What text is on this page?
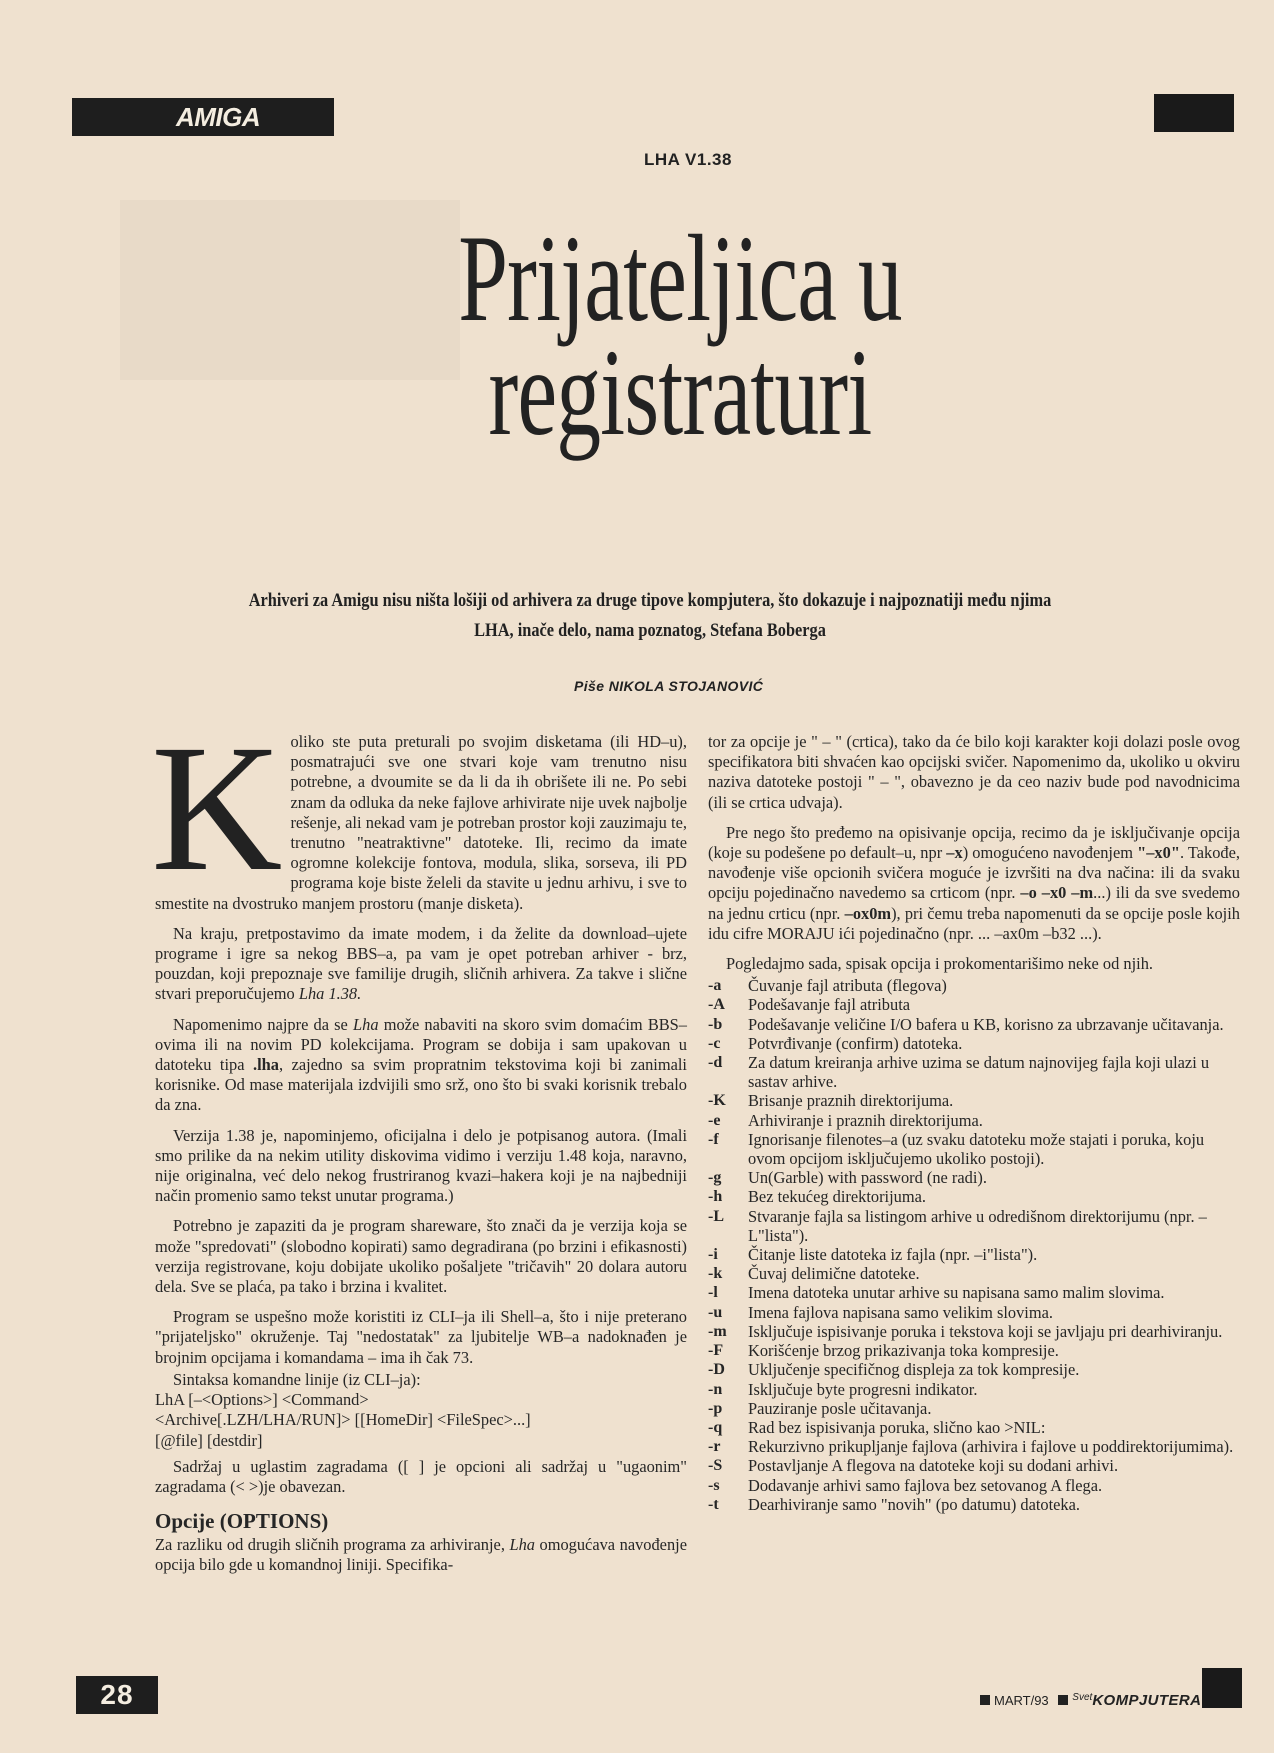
AMIGA
LHA V1.38
Prijateljica u
registraturi

Arhiveri za Amigu nisu ništa lošiji od arhivera za druge tipove kompjutera, što dokazuje i najpoznatiji među njima

LHA, inače delo, nama poznatog, Stefana Boberga

Piše NIKOLA STOJANOVIĆ

Koliko ste puta preturali po svojim disketama (ili HD–u), posmatrajući sve one stvari koje vam trenutno nisu potrebne, a dvoumite se da li da ih obrišete ili ne. Po sebi znam da odluka da neke fajlove arhivirate nije uvek najbolje rešenje, ali nekad vam je potreban prostor koji zauzimaju te, trenutno "neatraktivne" datoteke. Ili, recimo da imate ogromne kolekcije fontova, modula, slika, sorseva, ili PD programa koje biste želeli da stavite u jednu arhivu, i sve to smestite na dvostruko manjem prostoru (manje disketa).

Na kraju, pretpostavimo da imate modem, i da želite da download–ujete programe i igre sa nekog BBS–a, pa vam je opet potreban arhiver - brz, pouzdan, koji prepoznaje sve familije drugih, sličnih arhivera. Za takve i slične stvari preporučujemo Lha 1.38.

Napomenimo najpre da se Lha može nabaviti na skoro svim domaćim BBS–ovima ili na novim PD kolekcijama. Program se dobija i sam upakovan u datoteku tipa .lha, zajedno sa svim propratnim tekstovima koji bi zanimali korisnike. Od mase materijala izdvijili smo srž, ono što bi svaki korisnik trebalo da zna.

Verzija 1.38 je, napominjemo, oficijalna i delo je potpisanog autora. (Imali smo prilike da na nekim utility diskovima vidimo i verziju 1.48 koja, naravno, nije originalna, već delo nekog frustriranog kvazi–hakera koji je na najbedniji način promenio samo tekst unutar programa.)

Potrebno je zapaziti da je program shareware, što znači da je verzija koja se može "spredovati" (slobodno kopirati) samo degradirana (po brzini i efikasnosti) verzija registrovane, koju dobijate ukoliko pošaljete "tričavih" 20 dolara autoru dela. Sve se plaća, pa tako i brzina i kvalitet.

Program se uspešno može koristiti iz CLI–ja ili Shell–a, što i nije preterano "prijateljsko" okruženje. Taj "nedostatak" za ljubitelje WB–a nadoknađen je brojnim opcijama i komandama – ima ih čak 73.

Sintaksa komandne linije (iz CLI–ja):

LhA [–<Options>] <Command>
<Archive[.LZH/LHA/RUN]> [[HomeDir] <FileSpec>...]
[@file] [destdir]

Sadržaj u uglastim zagradama ([ ] je opcioni ali sadržaj u "ugaonim" zagradama (< >)je obavezan.

Opcije (OPTIONS)

Za razliku od drugih sličnih programa za arhiviranje, Lha omogućava navođenje opcija bilo gde u komandnoj liniji. Specifika-

tor za opcije je " – " (crtica), tako da će bilo koji karakter koji dolazi posle ovog specifikatora biti shvaćen kao opcijski svičer. Napomenimo da, ukoliko u okviru naziva datoteke postoji " – ", obavezno je da ceo naziv bude pod navodnicima (ili se crtica udvaja).

Pre nego što pređemo na opisivanje opcija, recimo da je isključivanje opcija (koje su podešene po default–u, npr –x) omogućeno navođenjem "–x0". Takođe, navođenje više opcionih svičera moguće je izvršiti na dva načina: ili da svaku opciju pojedinačno navedemo sa crticom (npr. –o –x0 –m...) ili da sve svedemo na jednu crticu (npr. –ox0m), pri čemu treba napomenuti da se opcije posle kojih idu cifre MORAJU ići pojedinačno (npr. ... –ax0m –b32 ...).

Pogledajmo sada, spisak opcija i prokomentarišimo neke od njih.

-a	Čuvanje fajl atributa (flegova)
-A	Podešavanje fajl atributa
-b	Podešavanje veličine I/O bafera u KB, korisno za ubrzavanje učitavanja.
-c	Potvrđivanje (confirm) datoteka.
-d	Za datum kreiranja arhive uzima se datum najnovijeg fajla koji ulazi u sastav arhive.
-K	Brisanje praznih direktorijuma.
-e	Arhiviranje i praznih direktorijuma.
-f	Ignorisanje filenotes–a (uz svaku datoteku može stajati i poruka, koju ovom opcijom isključujemo ukoliko postoji).
-g	Un(Garble) with password (ne radi).
-h	Bez tekućeg direktorijuma.
-L	Stvaranje fajla sa listingom arhive u odredišnom direktorijumu (npr. –L"lista").
-i	Čitanje liste datoteka iz fajla (npr. –i"lista").
-k	Čuvaj delimične datoteke.
-l	Imena datoteka unutar arhive su napisana samo malim slovima.
-u	Imena fajlova napisana samo velikim slovima.
-m	Isključuje ispisivanje poruka i tekstova koji se javljaju pri dearhiviranju.
-F	Korišćenje brzog prikazivanja toka kompresije.
-D	Uključenje specifičnog displeja za tok kompresije.
-n	Isključuje byte progresni indikator.
-p	Pauziranje posle učitavanja.
-q	Rad bez ispisivanja poruka, slično kao >NIL:
-r	Rekurzivno prikupljanje fajlova (arhivira i fajlove u poddirektorijumima).
-S	Postavljanje A flegova na datoteke koji su dodani arhivi.
-s	Dodavanje arhivi samo fajlova bez setovanog A flega.
-t	Dearhiviranje samo "novih" (po datumu) datoteka.
28	MART/93 $^{Svet}$KOMPJUTERA
